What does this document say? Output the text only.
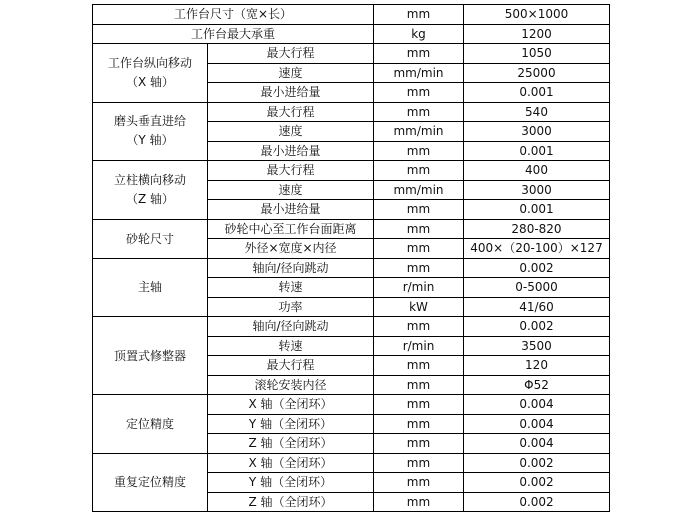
工作台尺寸（宽×长）		mm	500×1000
工作台最大承重		kg	1200
工作台纵向移动
（X 轴）	最大行程	mm	1050
	速度	mm/min	25000
	最小进给量	mm	0.001
磨头垂直进给
（Y 轴）	最大行程	mm	540
	速度	mm/min	3000
	最小进给量	mm	0.001
立柱横向移动
（Z 轴）	最大行程	mm	400
	速度	mm/min	3000
	最小进给量	mm	0.001
砂轮尺寸	砂轮中心至工作台面距离	mm	280-820
	外径×宽度×内径	mm	400×（20-100）×127
主轴	轴向/径向跳动	mm	0.002
	转速	r/min	0-5000
	功率	kW	41/60
顶置式修整器	轴向/径向跳动	mm	0.002
	转速	r/min	3500
	最大行程	mm	120
	滚轮安装内径	mm	Φ52
定位精度	X 轴（全闭环）	mm	0.004
	Y 轴（全闭环）	mm	0.004
	Z 轴（全闭环）	mm	0.004
重复定位精度	X 轴（全闭环）	mm	0.002
	Y 轴（全闭环）	mm	0.002
	Z 轴（全闭环）	mm	0.002
